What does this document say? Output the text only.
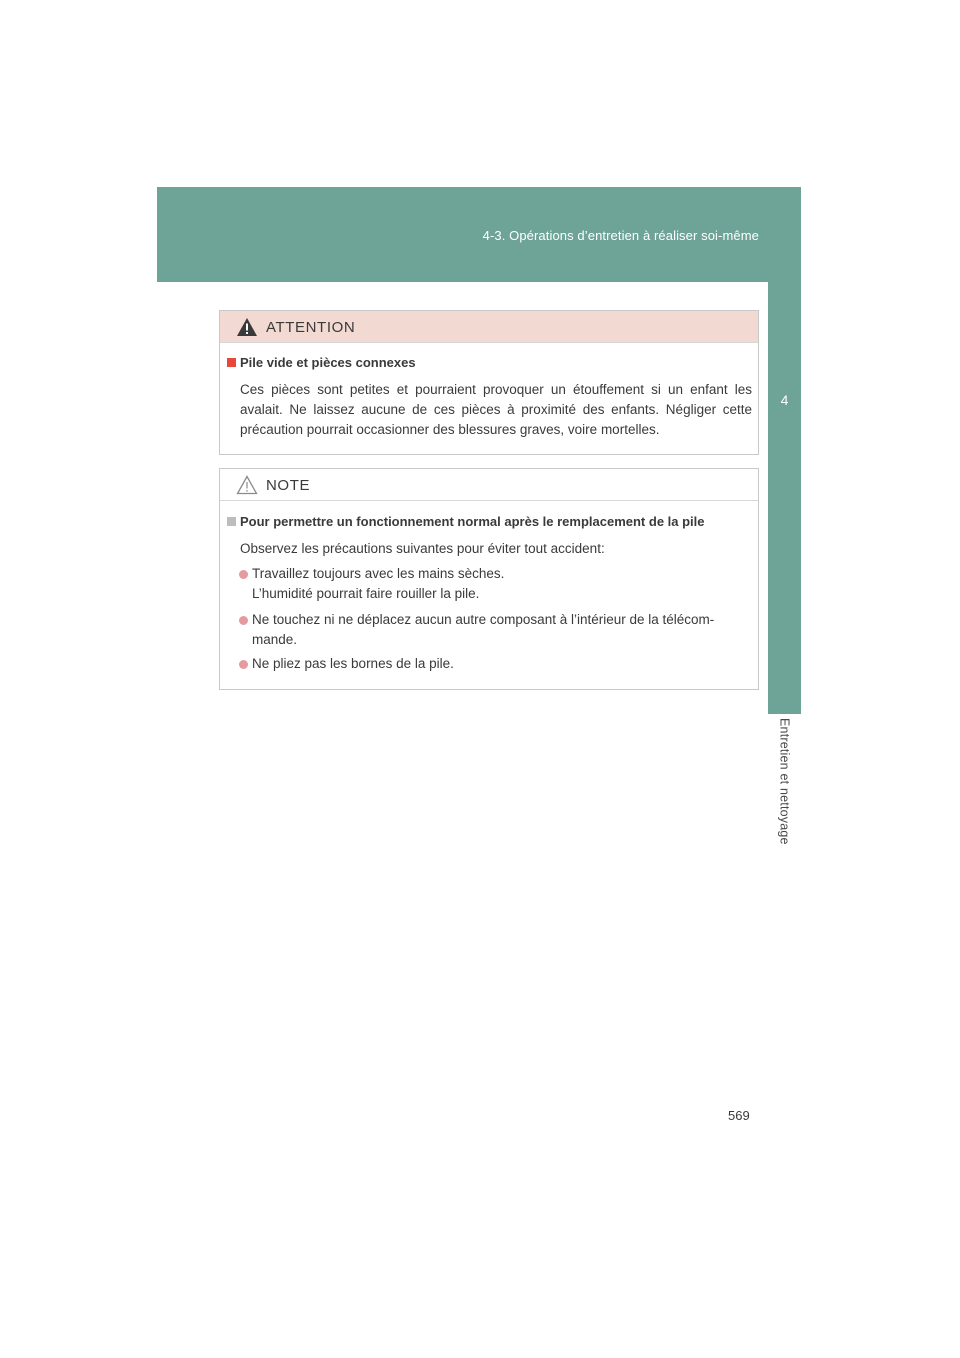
4-3. Opérations d’entretien à réaliser soi-même
4
Entretien et nettoyage
ATTENTION
Pile vide et pièces connexes
Ces pièces sont petites et pourraient provoquer un étouffement si un enfant les avalait. Ne laissez aucune de ces pièces à proximité des enfants. Négliger cette précaution pourrait occasionner des blessures graves, voire mortelles.
NOTE
Pour permettre un fonctionnement normal après le remplacement de la pile
Observez les précautions suivantes pour éviter tout accident:
Travaillez toujours avec les mains sèches.
L’humidité pourrait faire rouiller la pile.
Ne touchez ni ne déplacez aucun autre composant à l’intérieur de la télécom-
mande.
Ne pliez pas les bornes de la pile.
569
